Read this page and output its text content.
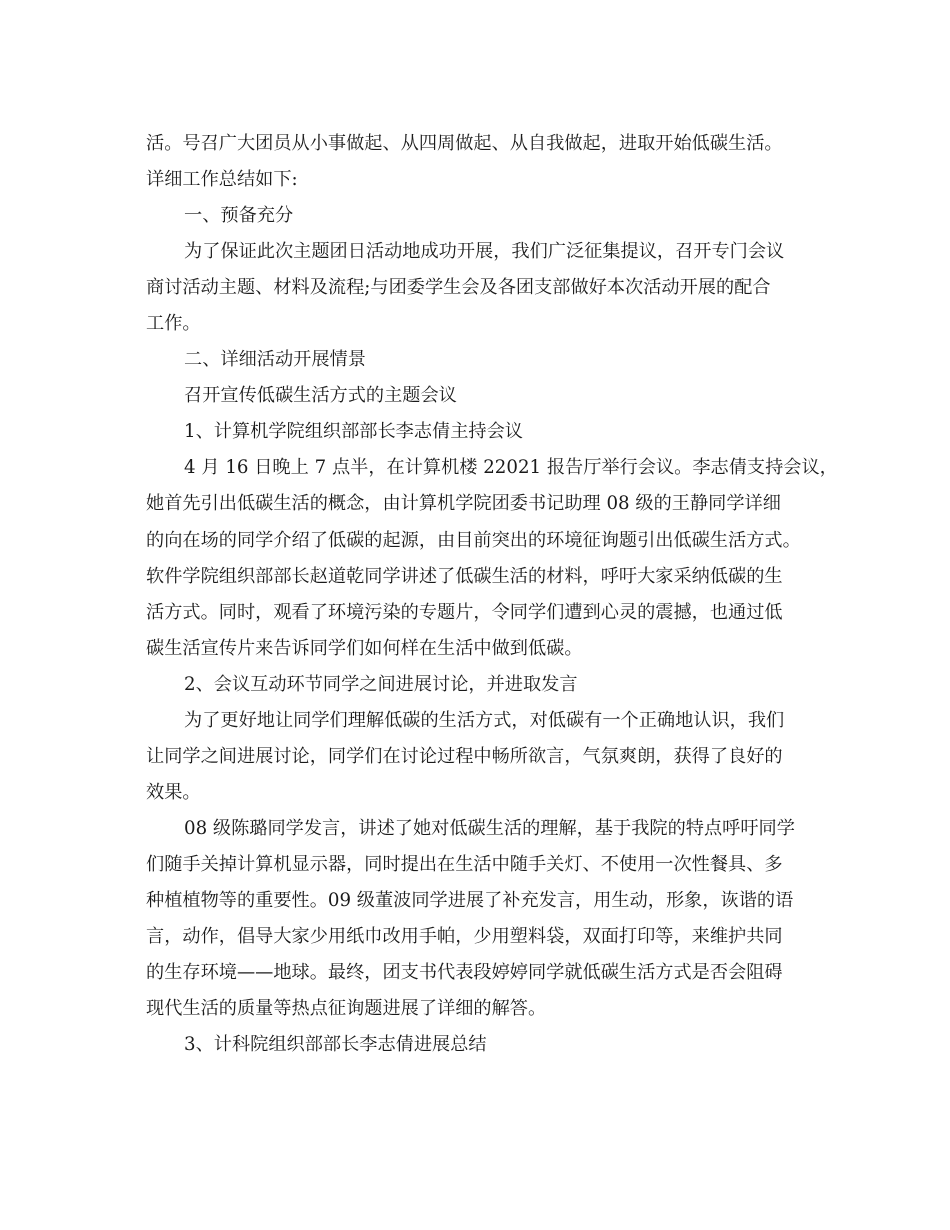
活。号召广大团员从小事做起、从四周做起、从自我做起，进取开始低碳生活。
详细工作总结如下:
一、预备充分
为了保证此次主题团日活动地成功开展，我们广泛征集提议，召开专门会议
商讨活动主题、材料及流程;与团委学生会及各团支部做好本次活动开展的配合
工作。
二、详细活动开展情景
召开宣传低碳生活方式的主题会议
1、计算机学院组织部部长李志倩主持会议
4 月 16 日晚上 7 点半，在计算机楼 22021 报告厅举行会议。李志倩支持会议，
她首先引出低碳生活的概念，由计算机学院团委书记助理 08 级的王静同学详细
的向在场的同学介绍了低碳的起源，由目前突出的环境征询题引出低碳生活方式。
软件学院组织部部长赵道乾同学讲述了低碳生活的材料，呼吁大家采纳低碳的生
活方式。同时，观看了环境污染的专题片，令同学们遭到心灵的震撼，也通过低
碳生活宣传片来告诉同学们如何样在生活中做到低碳。
2、会议互动环节同学之间进展讨论，并进取发言
为了更好地让同学们理解低碳的生活方式，对低碳有一个正确地认识，我们
让同学之间进展讨论，同学们在讨论过程中畅所欲言，气氛爽朗，获得了良好的
效果。
08 级陈璐同学发言，讲述了她对低碳生活的理解，基于我院的特点呼吁同学
们随手关掉计算机显示器，同时提出在生活中随手关灯、不使用一次性餐具、多
种植植物等的重要性。09 级董波同学进展了补充发言，用生动，形象，诙谐的语
言，动作，倡导大家少用纸巾改用手帕，少用塑料袋，双面打印等，来维护共同
的生存环境——地球。最终，团支书代表段婷婷同学就低碳生活方式是否会阻碍
现代生活的质量等热点征询题进展了详细的解答。
3、计科院组织部部长李志倩进展总结
